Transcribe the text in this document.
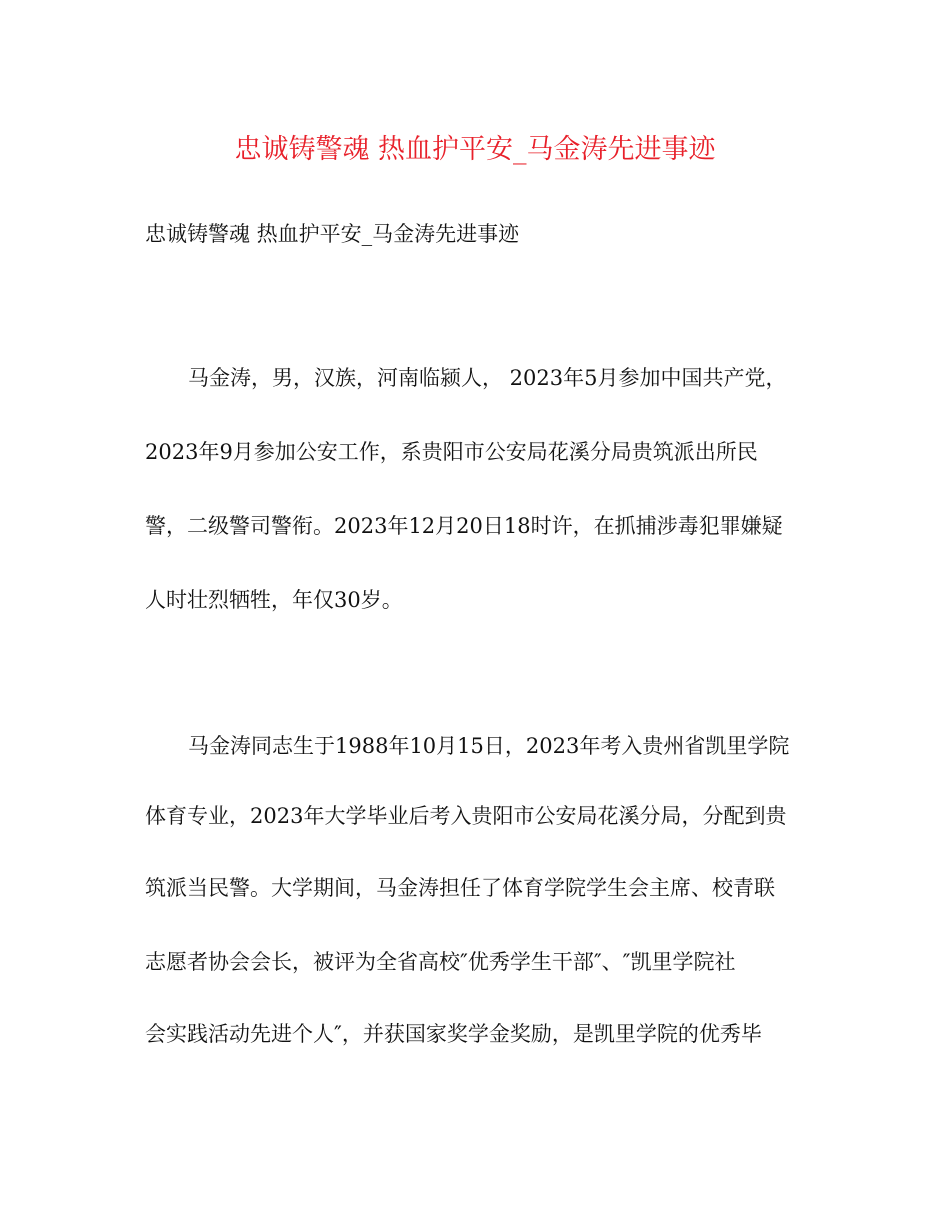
忠诚铸警魂 热血护平安_马金涛先进事迹
忠诚铸警魂 热血护平安_马金涛先进事迹
马金涛，男，汉族，河南临颍人， 2023年5月参加中国共产党，
2023年9月参加公安工作，系贵阳市公安局花溪分局贵筑派出所民
警，二级警司警衔。2023年12月20日18时许，在抓捕涉毒犯罪嫌疑
人时壮烈牺牲，年仅30岁。
马金涛同志生于1988年10月15日，2023年考入贵州省凯里学院
体育专业，2023年大学毕业后考入贵阳市公安局花溪分局，分配到贵
筑派当民警。大学期间，马金涛担任了体育学院学生会主席、校青联
志愿者协会会长，被评为全省高校″优秀学生干部″、″凯里学院社
会实践活动先进个人″，并获国家奖学金奖励，是凯里学院的优秀毕
